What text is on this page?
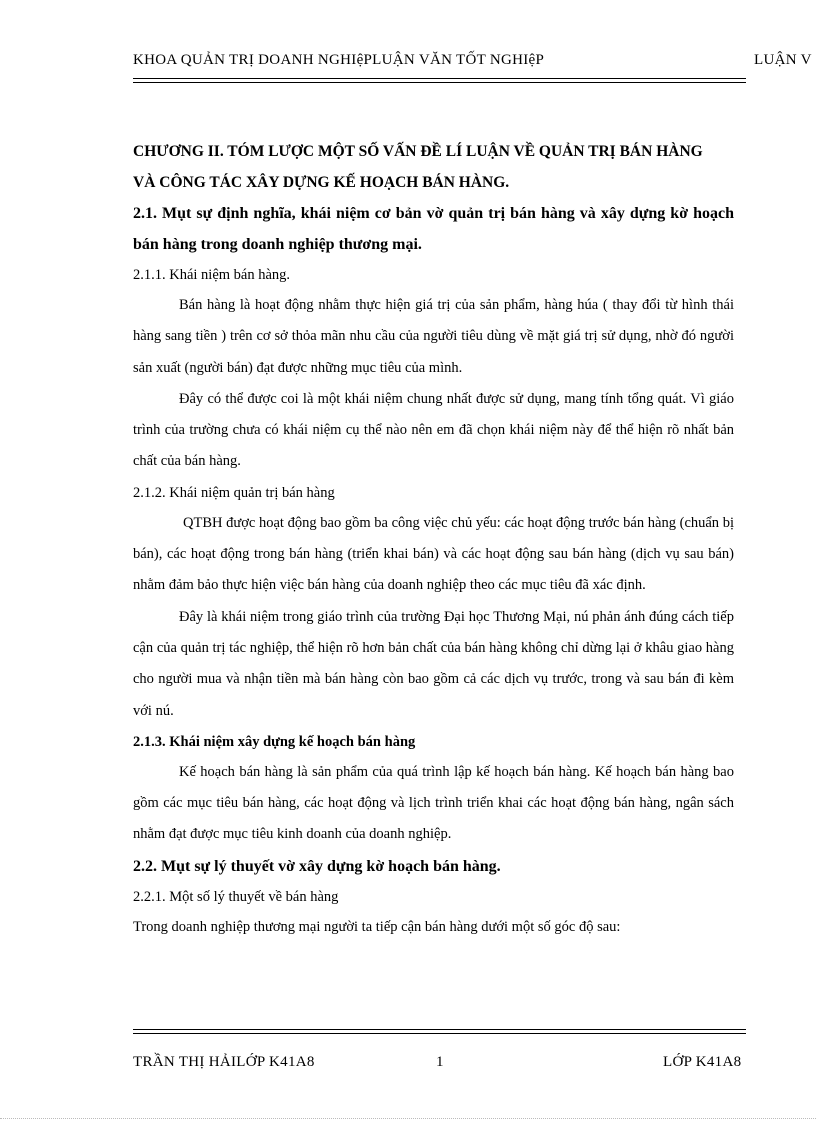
KHOA QUẢN TRỊ DOANH NGHIệPLUẬN VĂN TỐT NGHIệP	LUẬN V

CHƯƠNG II. TÓM LƯỢC MỘT SỐ VẤN ĐỀ LÍ LUẬN VỀ QUẢN TRỊ BÁN HÀNG

VÀ CÔNG TÁC XÂY DỰNG KẾ HOẠCH BÁN HÀNG.

2.1. Mụt sự định nghĩa, khái niệm cơ bản vờ quản trị bán hàng và xây dựng kờ hoạch bán hàng trong doanh nghiệp thương mại.

2.1.1. Khái niệm bán hàng.

Bán hàng là hoạt động nhằm thực hiện giá trị của sản phẩm, hàng húa ( thay đổi từ hình thái hàng sang tiền ) trên cơ sở thỏa mãn nhu cầu của người tiêu dùng về mặt giá trị sử dụng, nhờ đó người sản xuất (người bán) đạt được những mục tiêu của mình.

Đây có thể được coi là một khái niệm chung nhất được sử dụng, mang tính tổng quát. Vì giáo trình của trường chưa có khái niệm cụ thể nào nên em đã chọn khái niệm này để thể hiện rõ nhất bản chất của bán hàng.

2.1.2. Khái niệm quản trị bán hàng

QTBH được hoạt động bao gồm ba công việc chủ yếu: các hoạt động trước bán hàng (chuẩn bị bán), các hoạt động trong bán hàng (triển khai bán) và các hoạt động sau bán hàng (dịch vụ sau bán) nhằm đảm bảo thực hiện việc bán hàng của doanh nghiệp theo các mục tiêu đã xác định.

Đây là khái niệm trong giáo trình của trường Đại học Thương Mại, nú phản ánh đúng cách tiếp cận của quản trị tác nghiệp, thể hiện rõ hơn bản chất của bán hàng không chỉ dừng lại ở khâu giao hàng cho người mua và nhận tiền mà bán hàng còn bao gồm cả các dịch vụ trước, trong và sau bán đi kèm với nú.

2.1.3. Khái niệm xây dựng kế hoạch bán hàng

Kế hoạch bán hàng là sản phẩm của quá trình lập kế hoạch bán hàng. Kế hoạch bán hàng bao gồm các mục tiêu bán hàng, các hoạt động và lịch trình triển khai các hoạt động bán hàng, ngân sách nhằm đạt được mục tiêu kinh doanh của doanh nghiệp.

2.2. Mụt sự lý thuyết vờ xây dựng kờ hoạch bán hàng.

2.2.1. Một số lý thuyết về bán hàng

Trong doanh nghiệp thương mại người ta tiếp cận bán hàng dưới một số góc độ sau:

TRẦN THỊ HẢILỚP K41A8	1	LỚP K41A8
